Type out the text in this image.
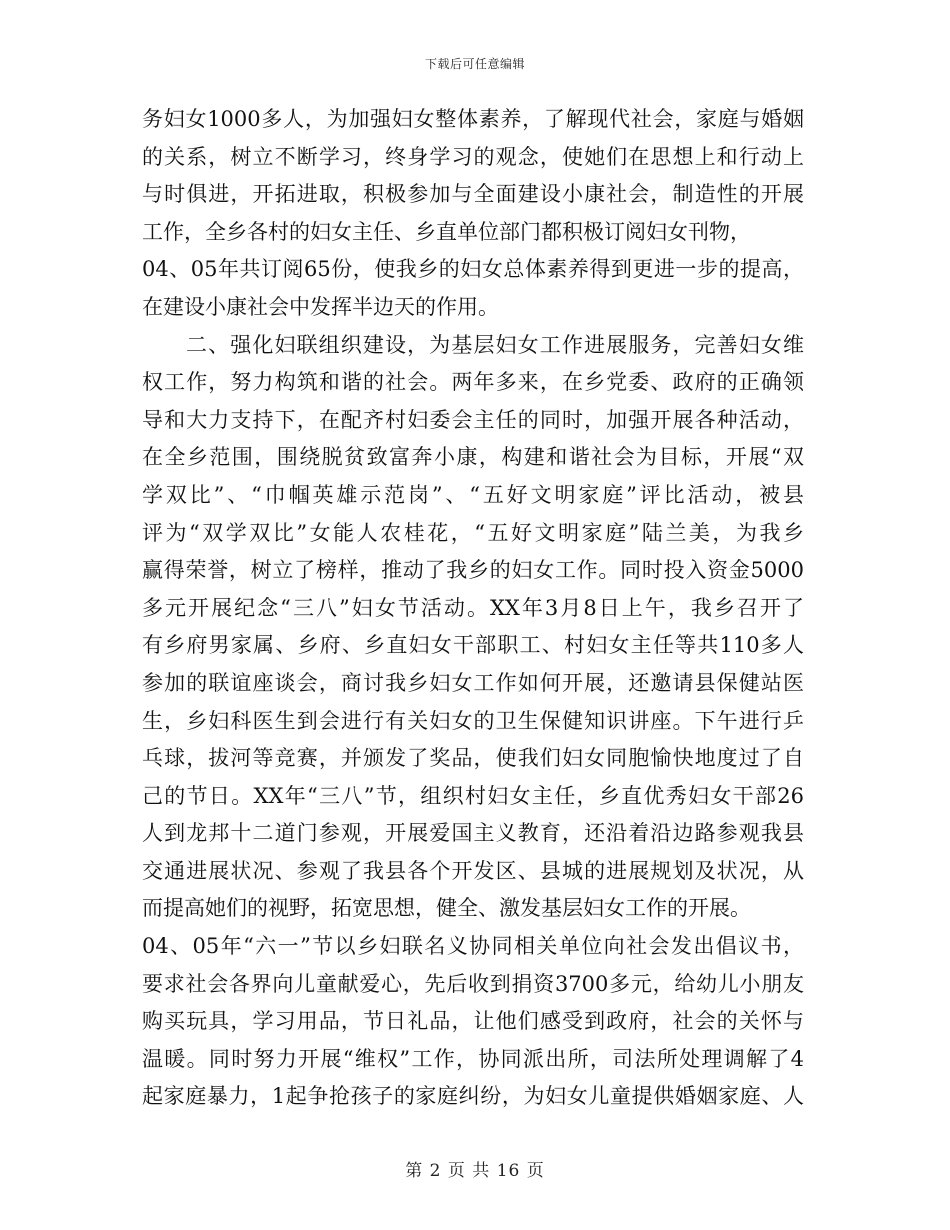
下载后可任意编辑
务妇女1000多人，为加强妇女整体素养，了解现代社会，家庭与婚姻
的关系，树立不断学习，终身学习的观念，使她们在思想上和行动上
与时俱进，开拓进取，积极参加与全面建设小康社会，制造性的开展
工作，全乡各村的妇女主任、乡直单位部门都积极订阅妇女刊物，
04、05年共订阅65份，使我乡的妇女总体素养得到更进一步的提高，
在建设小康社会中发挥半边天的作用。
二、强化妇联组织建设，为基层妇女工作进展服务，完善妇女维
权工作，努力构筑和谐的社会。两年多来，在乡党委、政府的正确领
导和大力支持下，在配齐村妇委会主任的同时，加强开展各种活动，
在全乡范围，围绕脱贫致富奔小康，构建和谐社会为目标，开展“双
学双比”、“巾帼英雄示范岗”、“五好文明家庭”评比活动，被县
评为“双学双比”女能人农桂花，“五好文明家庭”陆兰美，为我乡
赢得荣誉，树立了榜样，推动了我乡的妇女工作。同时投入资金5000
多元开展纪念“三八”妇女节活动。XX年3月8日上午，我乡召开了
有乡府男家属、乡府、乡直妇女干部职工、村妇女主任等共110多人
参加的联谊座谈会，商讨我乡妇女工作如何开展，还邀请县保健站医
生，乡妇科医生到会进行有关妇女的卫生保健知识讲座。下午进行乒
乓球，拔河等竞赛，并颁发了奖品，使我们妇女同胞愉快地度过了自
己的节日。XX年“三八”节，组织村妇女主任，乡直优秀妇女干部26
人到龙邦十二道门参观，开展爱国主义教育，还沿着沿边路参观我县
交通进展状况、参观了我县各个开发区、县城的进展规划及状况，从
而提高她们的视野，拓宽思想，健全、激发基层妇女工作的开展。
04、05年“六一”节以乡妇联名义协同相关单位向社会发出倡议书，
要求社会各界向儿童献爱心，先后收到捐资3700多元，给幼儿小朋友
购买玩具，学习用品，节日礼品，让他们感受到政府，社会的关怀与
温暖。同时努力开展“维权”工作，协同派出所，司法所处理调解了4
起家庭暴力，1起争抢孩子的家庭纠纷，为妇女儿童提供婚姻家庭、人
第 2 页 共 16 页
